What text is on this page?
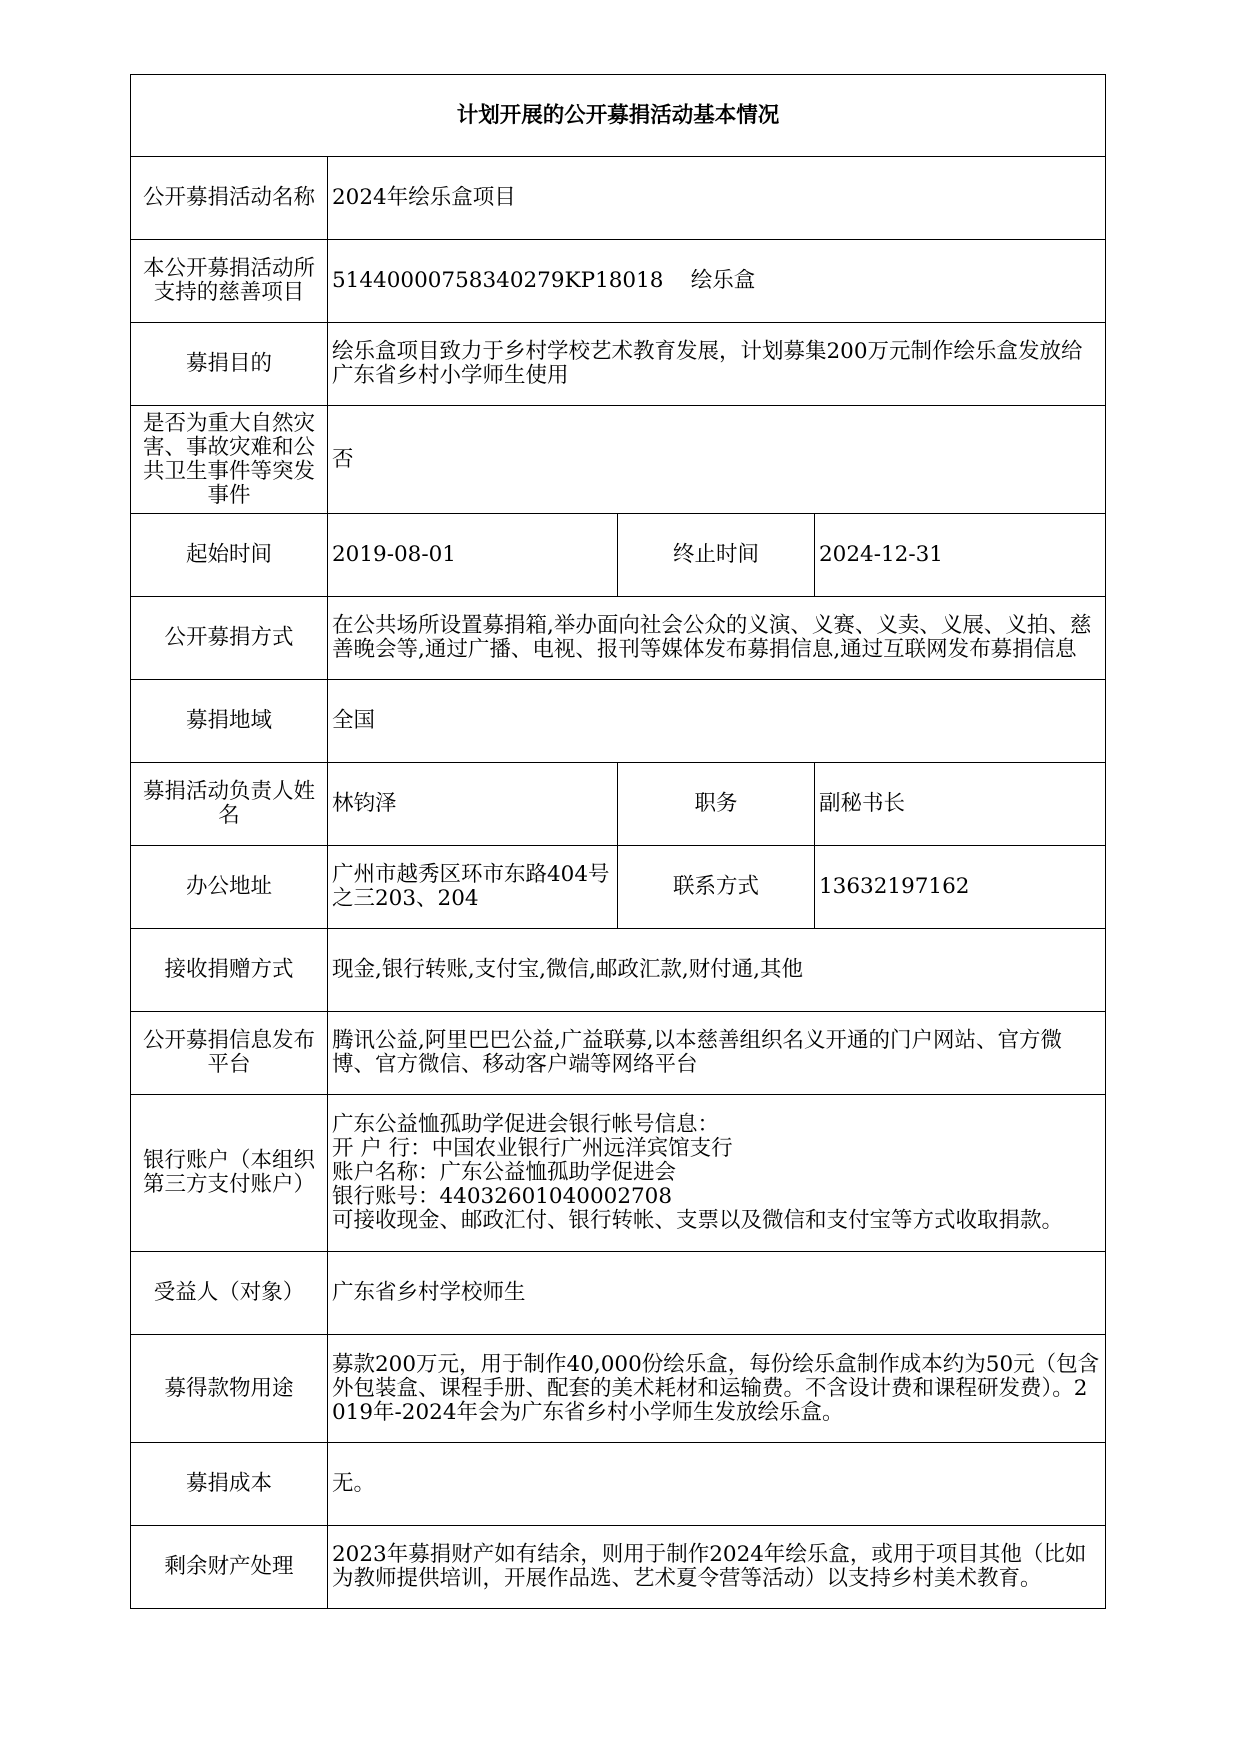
计划开展的公开募捐活动基本情况			
公开募捐活动名称	2024年绘乐盒项目		
本公开募捐活动所支持的慈善项目	51440000758340279KP18018    绘乐盒		
募捐目的	绘乐盒项目致力于乡村学校艺术教育发展，计划募集200万元制作绘乐盒发放给广东省乡村小学师生使用		
是否为重大自然灾害、事故灾难和公共卫生事件等突发事件	否		
起始时间	2019-08-01	终止时间	2024-12-31
公开募捐方式	在公共场所设置募捐箱,举办面向社会公众的义演、义赛、义卖、义展、义拍、慈善晚会等,通过广播、电视、报刊等媒体发布募捐信息,通过互联网发布募捐信息		
募捐地域	全国		
募捐活动负责人姓名	林钧泽	职务	副秘书长
办公地址	广州市越秀区环市东路404号之三203、204	联系方式	13632197162
接收捐赠方式	现金,银行转账,支付宝,微信,邮政汇款,财付通,其他		
公开募捐信息发布平台	腾讯公益,阿里巴巴公益,广益联募,以本慈善组织名义开通的门户网站、官方微博、官方微信、移动客户端等网络平台		
银行账户（本组织第三方支付账户）	广东公益恤孤助学促进会银行帐号信息：
开 户 行：中国农业银行广州远洋宾馆支行
账户名称：广东公益恤孤助学促进会
银行账号：44032601040002708
可接收现金、邮政汇付、银行转帐、支票以及微信和支付宝等方式收取捐款。		

受益人（对象）	广东省乡村学校师生		
募得款物用途	募款200万元，用于制作40,000份绘乐盒，每份绘乐盒制作成本约为50元（包含外包装盒、课程手册、配套的美术耗材和运输费。不含设计费和课程研发费）。2019年-2024年会为广东省乡村小学师生发放绘乐盒。		
募捐成本	无。		
剩余财产处理	2023年募捐财产如有结余，则用于制作2024年绘乐盒，或用于项目其他（比如为教师提供培训，开展作品选、艺术夏令营等活动）以支持乡村美术教育。		
